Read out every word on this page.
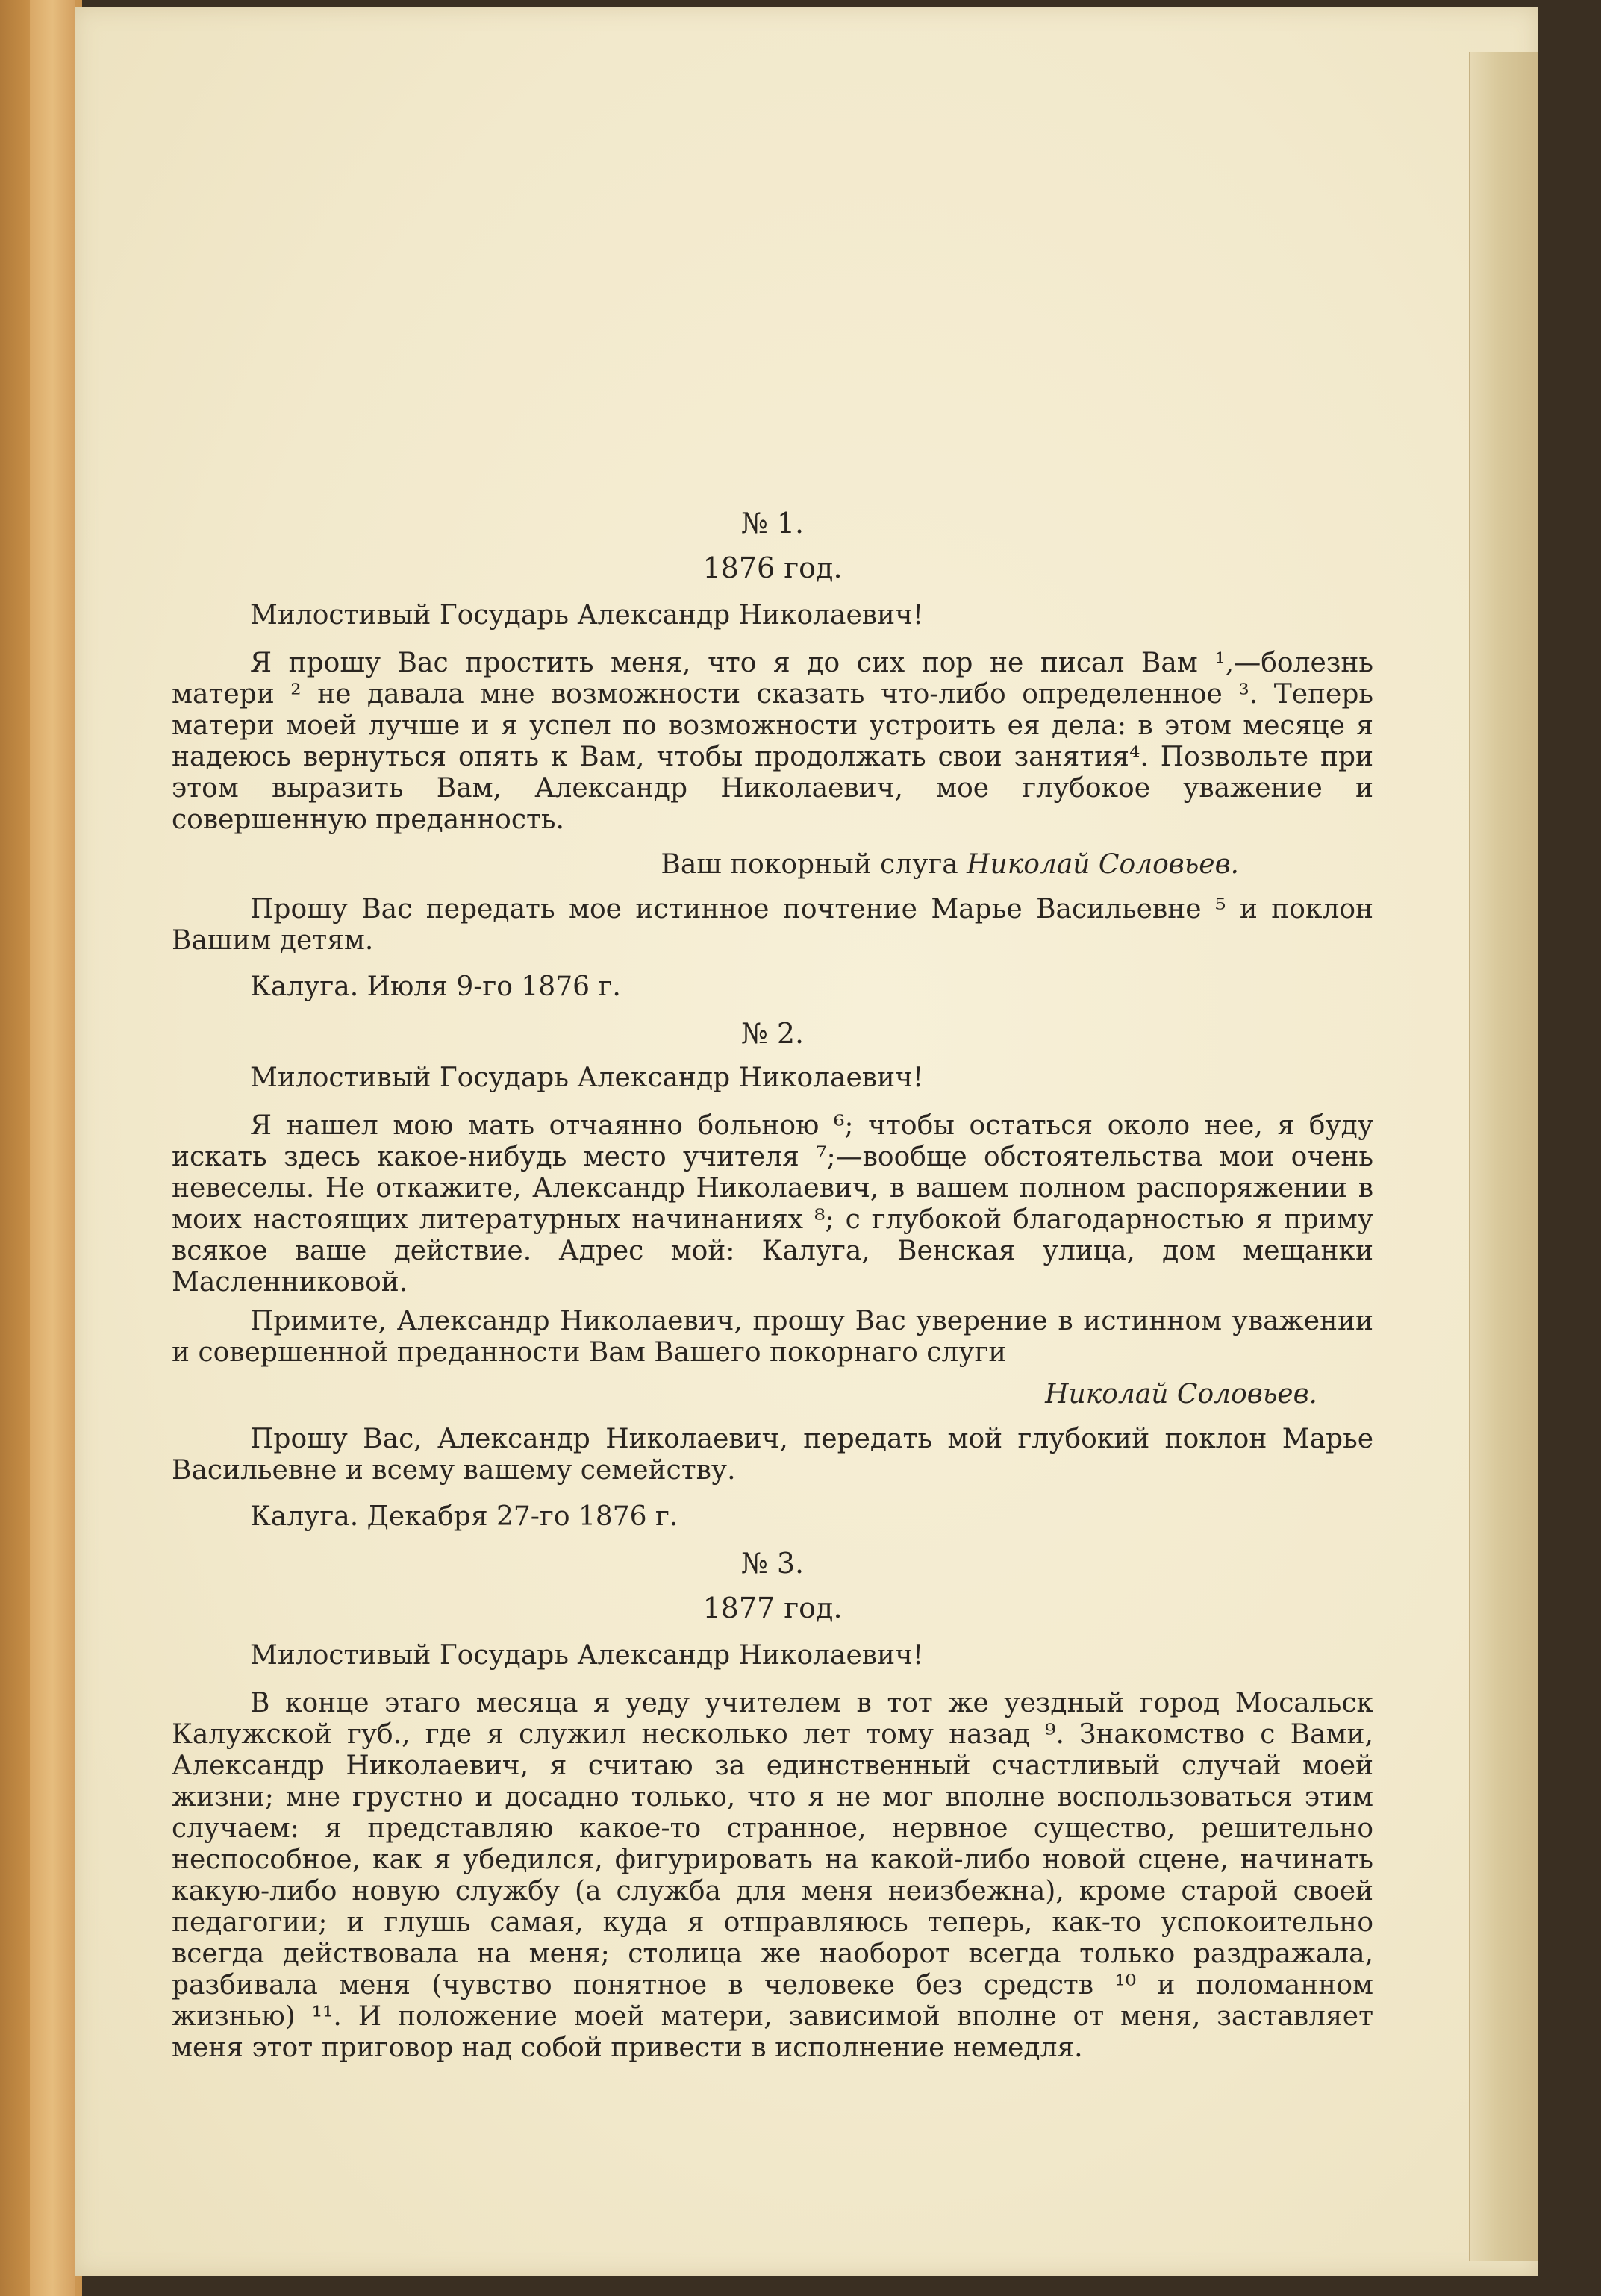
№ 1.
1876 год.
Милостивый Государь Александр Николаевич!

Я прошу Вас простить меня, что я до сих пор не писал Вам ¹,—болезнь матери ² не давала мне возможности сказать что-либо определенное ³. Теперь матери моей лучше и я успел по возможности устроить ея дела: в этом месяце я надеюсь вернуться опять к Вам, чтобы продолжать свои занятия⁴. Позвольте при этом выразить Вам, Александр Николаевич, мое глубокое уважение и совершенную преданность.

Ваш покорный слуга Николай Соловьев.

Прошу Вас передать мое истинное почтение Марье Васильевне ⁵ и поклон Вашим детям.

Калуга. Июля 9-го 1876 г.
№ 2.
Милостивый Государь Александр Николаевич!

Я нашел мою мать отчаянно больною ⁶; чтобы остаться около нее, я буду искать здесь какое-нибудь место учителя ⁷;—вообще обстоятельства мои очень невеселы. Не откажите, Александр Николаевич, в вашем полном распоряжении в моих настоящих литературных начинаниях ⁸; с глубокой благодарностью я приму всякое ваше действие. Адрес мой: Калуга, Венская улица, дом мещанки Масленниковой.

Примите, Александр Николаевич, прошу Вас уверение в истинном уважении и совершенной преданности Вам Вашего покорнаго слуги

Николай Соловьев.

Прошу Вас, Александр Николаевич, передать мой глубокий поклон Марье Васильевне и всему вашему семейству.

Калуга. Декабря 27-го 1876 г.
№ 3.
1877 год.
Милостивый Государь Александр Николаевич!

В конце этаго месяца я уеду учителем в тот же уездный город Мосальск Калужской губ., где я служил несколько лет тому назад ⁹. Знакомство с Вами, Александр Николаевич, я считаю за единственный счастливый случай моей жизни; мне грустно и досадно только, что я не мог вполне воспользоваться этим случаем: я представляю какое-то странное, нервное существо, решительно неспособное, как я убедился, фигурировать на какой-либо новой сцене, начинать какую-либо новую службу (а служба для меня неизбежна), кроме старой своей педагогии; и глушь самая, куда я отправляюсь теперь, как-то успокоительно всегда действовала на меня; столица же наоборот всегда только раздражала, разбивала меня (чувство понятное в человеке без средств ¹⁰ и поломанном жизнью) ¹¹. И положение моей матери, зависимой вполне от меня, заставляет меня этот приговор над собой привести в исполнение немедля.
